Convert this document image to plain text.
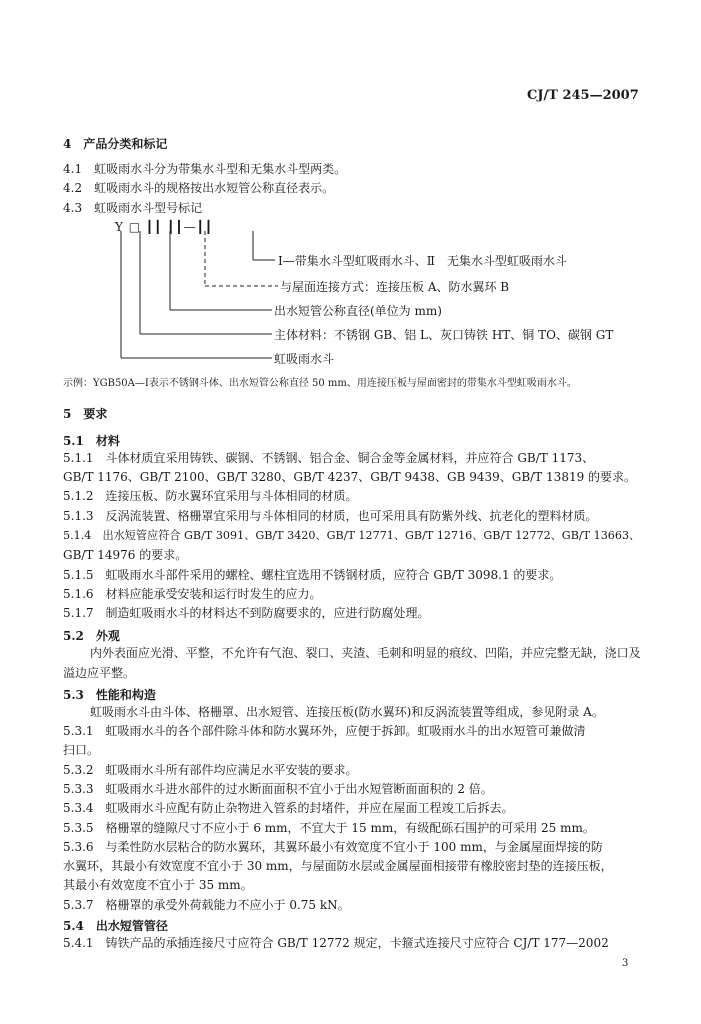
CJ/T 245—2007
4　产品分类和标记
4.1　虹吸雨水斗分为带集水斗型和无集水斗型两类。
4.2　虹吸雨水斗的规格按出水短管公称直径表示。
4.3　虹吸雨水斗型号标记
Y □ ┃┃ ┃┃—┃┃
Ⅰ—带集水斗型虹吸雨水斗、Ⅱ　无集水斗型虹吸雨水斗
与屋面连接方式：连接压板 A、防水翼环 B
出水短管公称直径(单位为 mm)
主体材料：不锈钢 GB、铝 L、灰口铸铁 HT、铜 TO、碳钢 GT
虹吸雨水斗
示例：YGB50A—Ⅰ表示不锈钢斗体、出水短管公称直径 50 mm、用连接压板与屋面密封的带集水斗型虹吸雨水斗。
5　要求
5.1　材料
5.1.1　斗体材质宜采用铸铁、碳钢、不锈钢、铝合金、铜合金等金属材料，并应符合 GB/T 1173、
GB/T 1176、GB/T 2100、GB/T 3280、GB/T 4237、GB/T 9438、GB 9439、GB/T 13819 的要求。
5.1.2　连接压板、防水翼环宜采用与斗体相同的材质。
5.1.3　反涡流装置、格栅罩宜采用与斗体相同的材质，也可采用具有防紫外线、抗老化的塑料材质。
5.1.4　出水短管应符合 GB/T 3091、GB/T 3420、GB/T 12771、GB/T 12716、GB/T 12772、GB/T 13663、
GB/T 14976 的要求。
5.1.5　虹吸雨水斗部件采用的螺栓、螺柱宜选用不锈钢材质，应符合 GB/T 3098.1 的要求。
5.1.6　材料应能承受安装和运行时发生的应力。
5.1.7　制造虹吸雨水斗的材料达不到防腐要求的，应进行防腐处理。
5.2　外观
内外表面应光滑、平整，不允许有气泡、裂口、夹渣、毛刺和明显的痕纹、凹陷，并应完整无缺，浇口及
溢边应平整。
5.3　性能和构造
虹吸雨水斗由斗体、格栅罩、出水短管、连接压板(防水翼环)和反涡流装置等组成，参见附录 A。
5.3.1　虹吸雨水斗的各个部件除斗体和防水翼环外，应便于拆卸。虹吸雨水斗的出水短管可兼做清
扫口。
5.3.2　虹吸雨水斗所有部件均应满足水平安装的要求。
5.3.3　虹吸雨水斗进水部件的过水断面面积不宜小于出水短管断面面积的 2 倍。
5.3.4　虹吸雨水斗应配有防止杂物进入管系的封堵件，并应在屋面工程竣工后拆去。
5.3.5　格栅罩的缝隙尺寸不应小于 6 mm，不宜大于 15 mm，有级配砾石围护的可采用 25 mm。
5.3.6　与柔性防水层粘合的防水翼环，其翼环最小有效宽度不宜小于 100 mm，与金属屋面焊接的防
水翼环，其最小有效宽度不宜小于 30 mm，与屋面防水层或金属屋面相接带有橡胶密封垫的连接压板，
其最小有效宽度不宜小于 35 mm。
5.3.7　格栅罩的承受外荷载能力不应小于 0.75 kN。
5.4　出水短管管径
5.4.1　铸铁产品的承插连接尺寸应符合 GB/T 12772 规定，卡箍式连接尺寸应符合 CJ/T 177—2002
3
